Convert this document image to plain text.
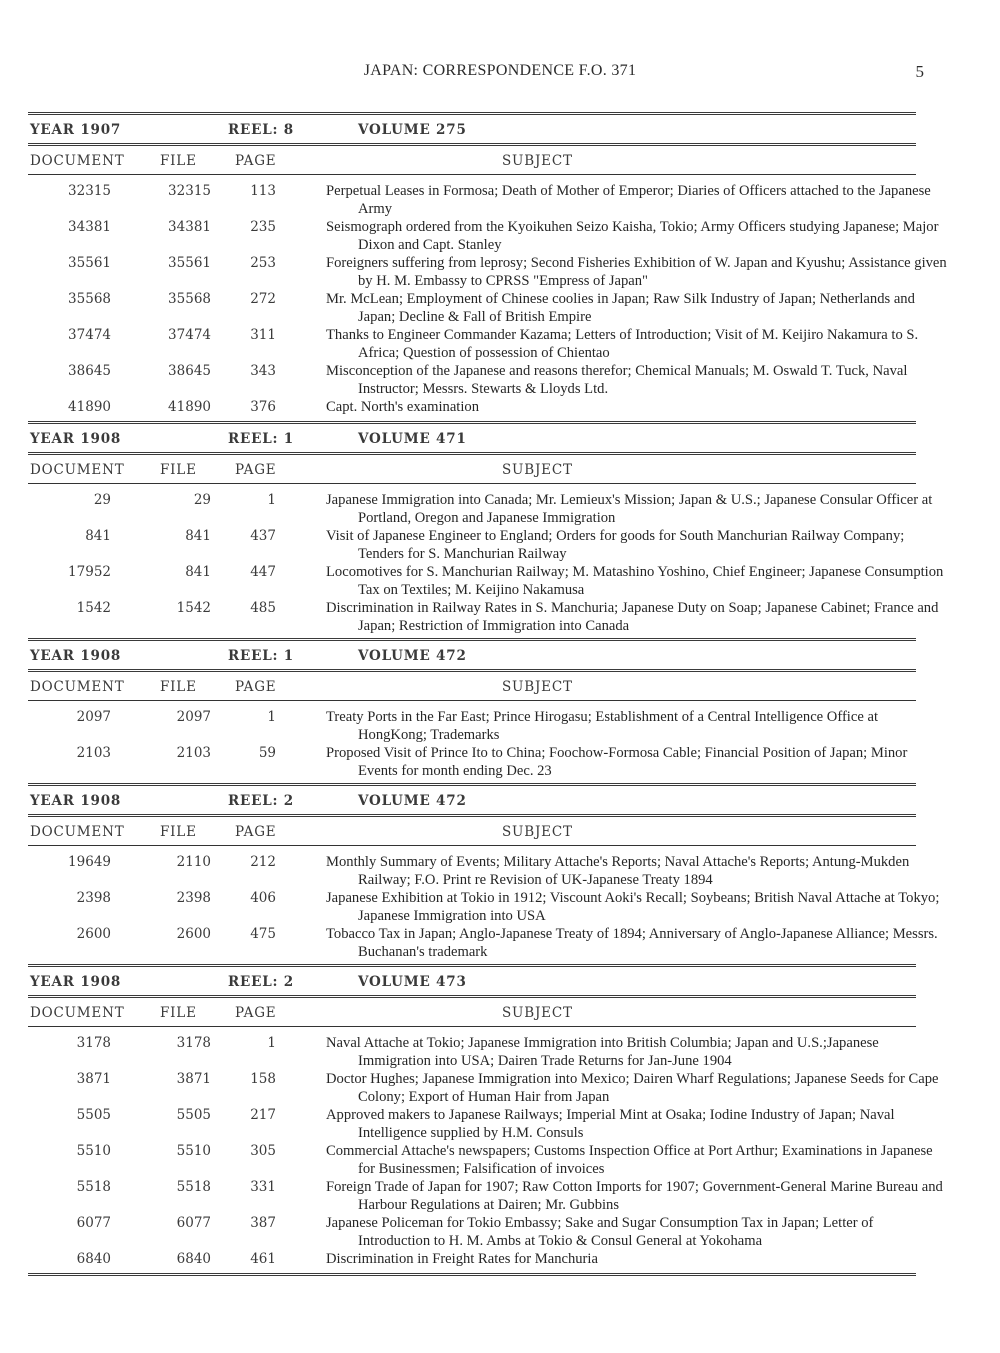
JAPAN: CORRESPONDENCE F.O. 371	5
YEAR 1907	REEL: 8	VOLUME 275
DOCUMENT	FILE	PAGE	SUBJECT
32315	32315	113	Perpetual Leases in Formosa; Death of Mother of Emperor; Diaries of Officers attached to the Japanese Army
34381	34381	235	Seismograph ordered from the Kyoikuhen Seizo Kaisha, Tokio; Army Officers studying Japanese; Major Dixon and Capt. Stanley
35561	35561	253	Foreigners suffering from leprosy; Second Fisheries Exhibition of W. Japan and Kyushu; Assistance given by H. M. Embassy to CPRSS "Empress of Japan"
35568	35568	272	Mr. McLean; Employment of Chinese coolies in Japan; Raw Silk Industry of Japan; Netherlands and Japan; Decline & Fall of British Empire
37474	37474	311	Thanks to Engineer Commander Kazama; Letters of Introduction; Visit of M. Keijiro Nakamura to S. Africa; Question of possession of Chientao
38645	38645	343	Misconception of the Japanese and reasons therefor; Chemical Manuals; M. Oswald T. Tuck, Naval Instructor; Messrs. Stewarts & Lloyds Ltd.
41890	41890	376	Capt. North's examination
YEAR 1908	REEL: 1	VOLUME 471
DOCUMENT	FILE	PAGE	SUBJECT
29	29	1	Japanese Immigration into Canada; Mr. Lemieux's Mission; Japan & U.S.; Japanese Consular Officer at Portland, Oregon and Japanese Immigration
841	841	437	Visit of Japanese Engineer to England; Orders for goods for South Manchurian Railway Company; Tenders for S. Manchurian Railway
17952	841	447	Locomotives for S. Manchurian Railway; M. Matashino Yoshino, Chief Engineer; Japanese Consumption Tax on Textiles; M. Keijino Nakamusa
1542	1542	485	Discrimination in Railway Rates in S. Manchuria; Japanese Duty on Soap; Japanese Cabinet; France and Japan; Restriction of Immigration into Canada
YEAR 1908	REEL: 1	VOLUME 472
DOCUMENT	FILE	PAGE	SUBJECT
2097	2097	1	Treaty Ports in the Far East; Prince Hirogasu; Establishment of a Central Intelligence Office at HongKong; Trademarks
2103	2103	59	Proposed Visit of Prince Ito to China; Foochow-Formosa Cable; Financial Position of Japan; Minor Events for month ending Dec. 23
YEAR 1908	REEL: 2	VOLUME 472
DOCUMENT	FILE	PAGE	SUBJECT
19649	2110	212	Monthly Summary of Events; Military Attache's Reports; Naval Attache's Reports; Antung-Mukden Railway; F.O. Print re Revision of UK-Japanese Treaty 1894
2398	2398	406	Japanese Exhibition at Tokio in 1912; Viscount Aoki's Recall; Soybeans; British Naval Attache at Tokyo; Japanese Immigration into USA
2600	2600	475	Tobacco Tax in Japan; Anglo-Japanese Treaty of 1894; Anniversary of Anglo-Japanese Alliance; Messrs. Buchanan's trademark
YEAR 1908	REEL: 2	VOLUME 473
DOCUMENT	FILE	PAGE	SUBJECT
3178	3178	1	Naval Attache at Tokio; Japanese Immigration into British Columbia; Japan and U.S.;Japanese Immigration into USA; Dairen Trade Returns for Jan-June 1904
3871	3871	158	Doctor Hughes; Japanese Immigration into Mexico; Dairen Wharf Regulations; Japanese Seeds for Cape Colony; Export of Human Hair from Japan
5505	5505	217	Approved makers to Japanese Railways; Imperial Mint at Osaka; Iodine Industry of Japan; Naval Intelligence supplied by H.M. Consuls
5510	5510	305	Commercial Attache's newspapers; Customs Inspection Office at Port Arthur; Examinations in Japanese for Businessmen; Falsification of invoices
5518	5518	331	Foreign Trade of Japan for 1907; Raw Cotton Imports for 1907; Government-General Marine Bureau and Harbour Regulations at Dairen; Mr. Gubbins
6077	6077	387	Japanese Policeman for Tokio Embassy; Sake and Sugar Consumption Tax in Japan; Letter of Introduction to H. M. Ambs at Tokio & Consul General at Yokohama
6840	6840	461	Discrimination in Freight Rates for Manchuria
